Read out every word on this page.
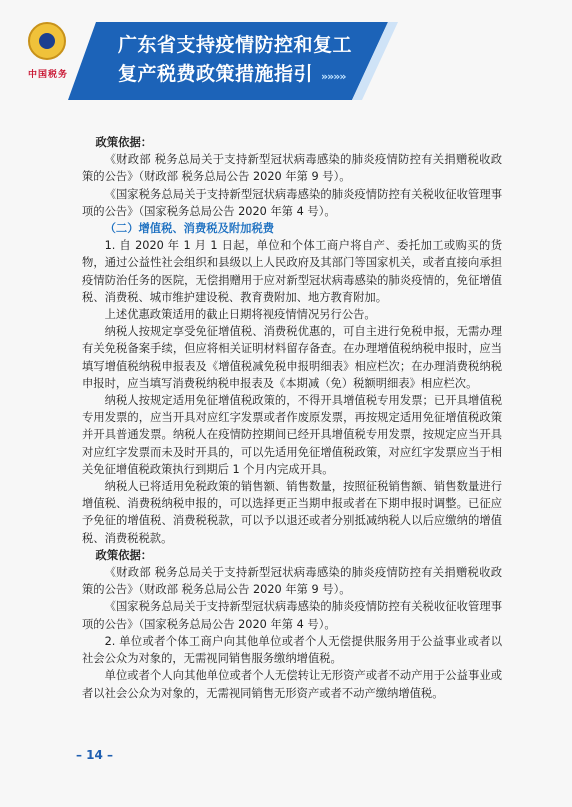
中国税务
广东省支持疫情防控和复工
复产税费政策措施指引 »»»»

政策依据：

《财政部 税务总局关于支持新型冠状病毒感染的肺炎疫情防控有关捐赠税收政策的公告》（财政部 税务总局公告 2020 年第 9 号）。

《国家税务总局关于支持新型冠状病毒感染的肺炎疫情防控有关税收征收管理事项的公告》（国家税务总局公告 2020 年第 4 号）。

（二）增值税、消费税及附加税费

1. 自 2020 年 1 月 1 日起，单位和个体工商户将自产、委托加工或购买的货物，通过公益性社会组织和县级以上人民政府及其部门等国家机关，或者直接向承担疫情防治任务的医院，无偿捐赠用于应对新型冠状病毒感染的肺炎疫情的，免征增值税、消费税、城市维护建设税、教育费附加、地方教育附加。

上述优惠政策适用的截止日期将视疫情情况另行公告。

纳税人按规定享受免征增值税、消费税优惠的，可自主进行免税申报，无需办理有关免税备案手续，但应将相关证明材料留存备查。在办理增值税纳税申报时，应当填写增值税纳税申报表及《增值税减免税申报明细表》相应栏次；在办理消费税纳税申报时，应当填写消费税纳税申报表及《本期减（免）税额明细表》相应栏次。

纳税人按规定适用免征增值税政策的，不得开具增值税专用发票；已开具增值税专用发票的，应当开具对应红字发票或者作废原发票，再按规定适用免征增值税政策并开具普通发票。纳税人在疫情防控期间已经开具增值税专用发票，按规定应当开具对应红字发票而未及时开具的，可以先适用免征增值税政策，对应红字发票应当于相关免征增值税政策执行到期后 1 个月内完成开具。

纳税人已将适用免税政策的销售额、销售数量，按照征税销售额、销售数量进行增值税、消费税纳税申报的，可以选择更正当期申报或者在下期申报时调整。已征应予免征的增值税、消费税税款，可以予以退还或者分别抵减纳税人以后应缴纳的增值税、消费税税款。

政策依据：

《财政部 税务总局关于支持新型冠状病毒感染的肺炎疫情防控有关捐赠税收政策的公告》（财政部 税务总局公告 2020 年第 9 号）。

《国家税务总局关于支持新型冠状病毒感染的肺炎疫情防控有关税收征收管理事项的公告》（国家税务总局公告 2020 年第 4 号）。

2. 单位或者个体工商户向其他单位或者个人无偿提供服务用于公益事业或者以社会公众为对象的，无需视同销售服务缴纳增值税。

单位或者个人向其他单位或者个人无偿转让无形资产或者不动产用于公益事业或者以社会公众为对象的，无需视同销售无形资产或者不动产缴纳增值税。

– 14 –
